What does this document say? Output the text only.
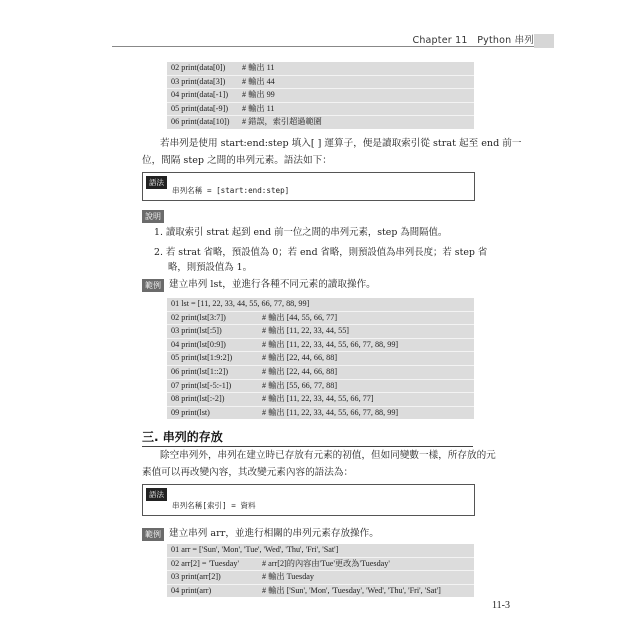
Chapter 11 Python 串列
02 print(data[0]) # 輸出 11
03 print(data[3]) # 輸出 44
04 print(data[-1]) # 輸出 99
05 print(data[-9]) # 輸出 11
06 print(data[10]) # 錯誤，索引超過範圍
若串列是使用 start:end:step 填入[ ] 運算子，便是讀取索引從 strat 起至 end 前一
位，間隔 step 之間的串列元素。語法如下：
語法
串列名稱 = [start:end:step]
說明
1. 讀取索引 strat 起到 end 前一位之間的串列元素，step 為間隔值。
2. 若 strat 省略，預設值為 0；若 end 省略，則預設值為串列長度；若 step 省
略，則預設值為 1。
範例 建立串列 lst，並進行各種不同元素的讀取操作。
01 lst = [11, 22, 33, 44, 55, 66, 77, 88, 99]
02 print(lst[3:7])	# 輸出 [44, 55, 66, 77]
03 print(lst[:5])	# 輸出 [11, 22, 33, 44, 55]
04 print(lst[0:9])	# 輸出 [11, 22, 33, 44, 55, 66, 77, 88, 99]
05 print(lst[1:9:2])	# 輸出 [22, 44, 66, 88]
06 print(lst[1::2])	# 輸出 [22, 44, 66, 88]
07 print(lst[-5:-1])	# 輸出 [55, 66, 77, 88]
08 print(lst[:-2])	# 輸出 [11, 22, 33, 44, 55, 66, 77]
09 print(lst)	# 輸出 [11, 22, 33, 44, 55, 66, 77, 88, 99]
三. 串列的存放
除空串列外，串列在建立時已存放有元素的初值，但如同變數一樣，所存放的元
素值可以再改變內容，其改變元素內容的語法為：
語法
串列名稱[索引] = 資料
範例 建立串列 arr，並進行相關的串列元素存放操作。
01 arr = ['Sun', 'Mon', 'Tue', 'Wed', 'Thu', 'Fri', 'Sat']
02 arr[2] = 'Tuesday'	# arr[2]的內容由'Tue'更改為'Tuesday'
03 print(arr[2])	# 輸出 Tuesday
04 print(arr)	# 輸出 ['Sun', 'Mon', 'Tuesday', 'Wed', 'Thu', 'Fri', 'Sat']
11-3
